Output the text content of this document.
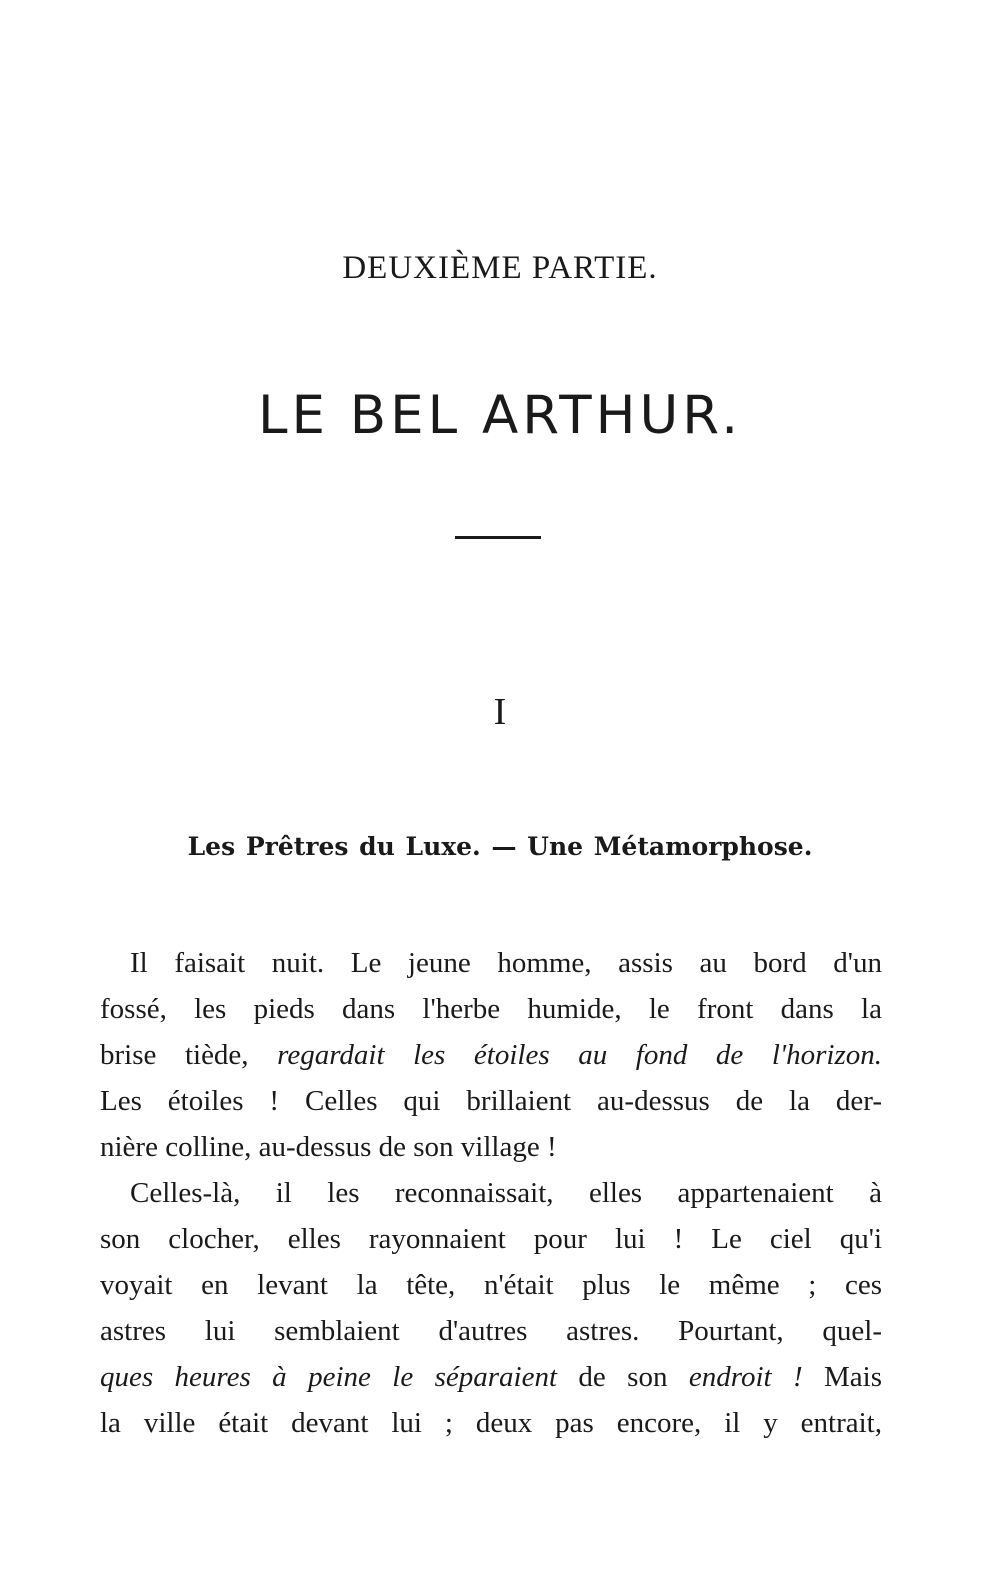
DEUXIÈME PARTIE.
LE BEL ARTHUR.
I
Les Prêtres du Luxe. — Une Métamorphose.
Il faisait nuit. Le jeune homme, assis au bord d'un
fossé, les pieds dans l'herbe humide, le front dans la
brise tiède, regardait les étoiles au fond de l'horizon.
Les étoiles ! Celles qui brillaient au-dessus de la der-
nière colline, au-dessus de son village !
Celles-là, il les reconnaissait, elles appartenaient à
son clocher, elles rayonnaient pour lui ! Le ciel qu'i
voyait en levant la tête, n'était plus le même ; ces
astres lui semblaient d'autres astres. Pourtant, quel-
ques heures à peine le séparaient de son endroit ! Mais
la ville était devant lui ; deux pas encore, il y entrait,
